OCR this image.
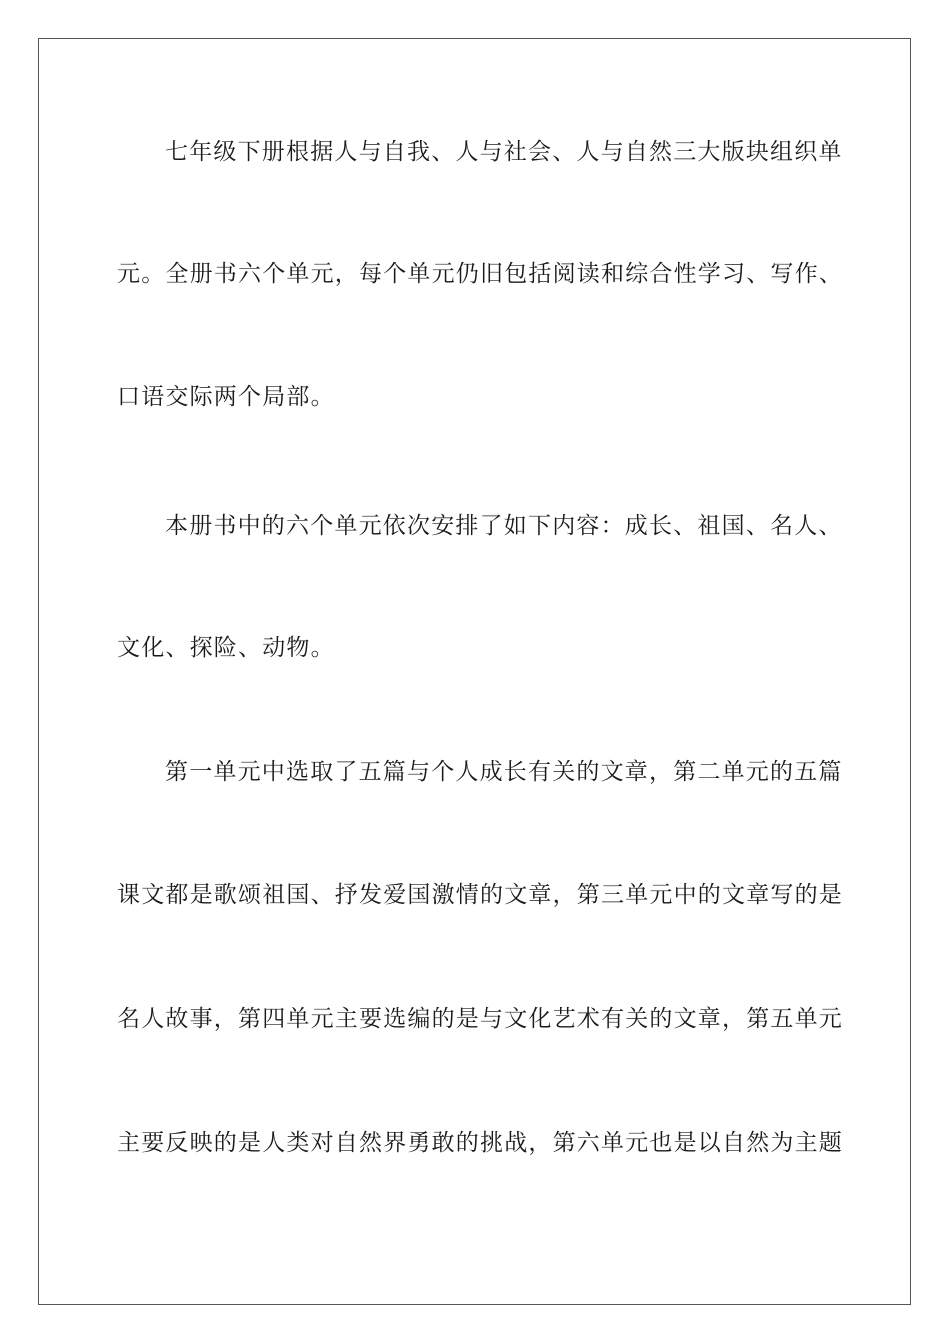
七年级下册根据人与自我、人与社会、人与自然三大版块组织单
元。全册书六个单元，每个单元仍旧包括阅读和综合性学习、写作、
口语交际两个局部。
本册书中的六个单元依次安排了如下内容：成长、祖国、名人、
文化、探险、动物。
第一单元中选取了五篇与个人成长有关的文章，第二单元的五篇
课文都是歌颂祖国、抒发爱国激情的文章，第三单元中的文章写的是
名人故事，第四单元主要选编的是与文化艺术有关的文章，第五单元
主要反映的是人类对自然界勇敢的挑战，第六单元也是以自然为主题
